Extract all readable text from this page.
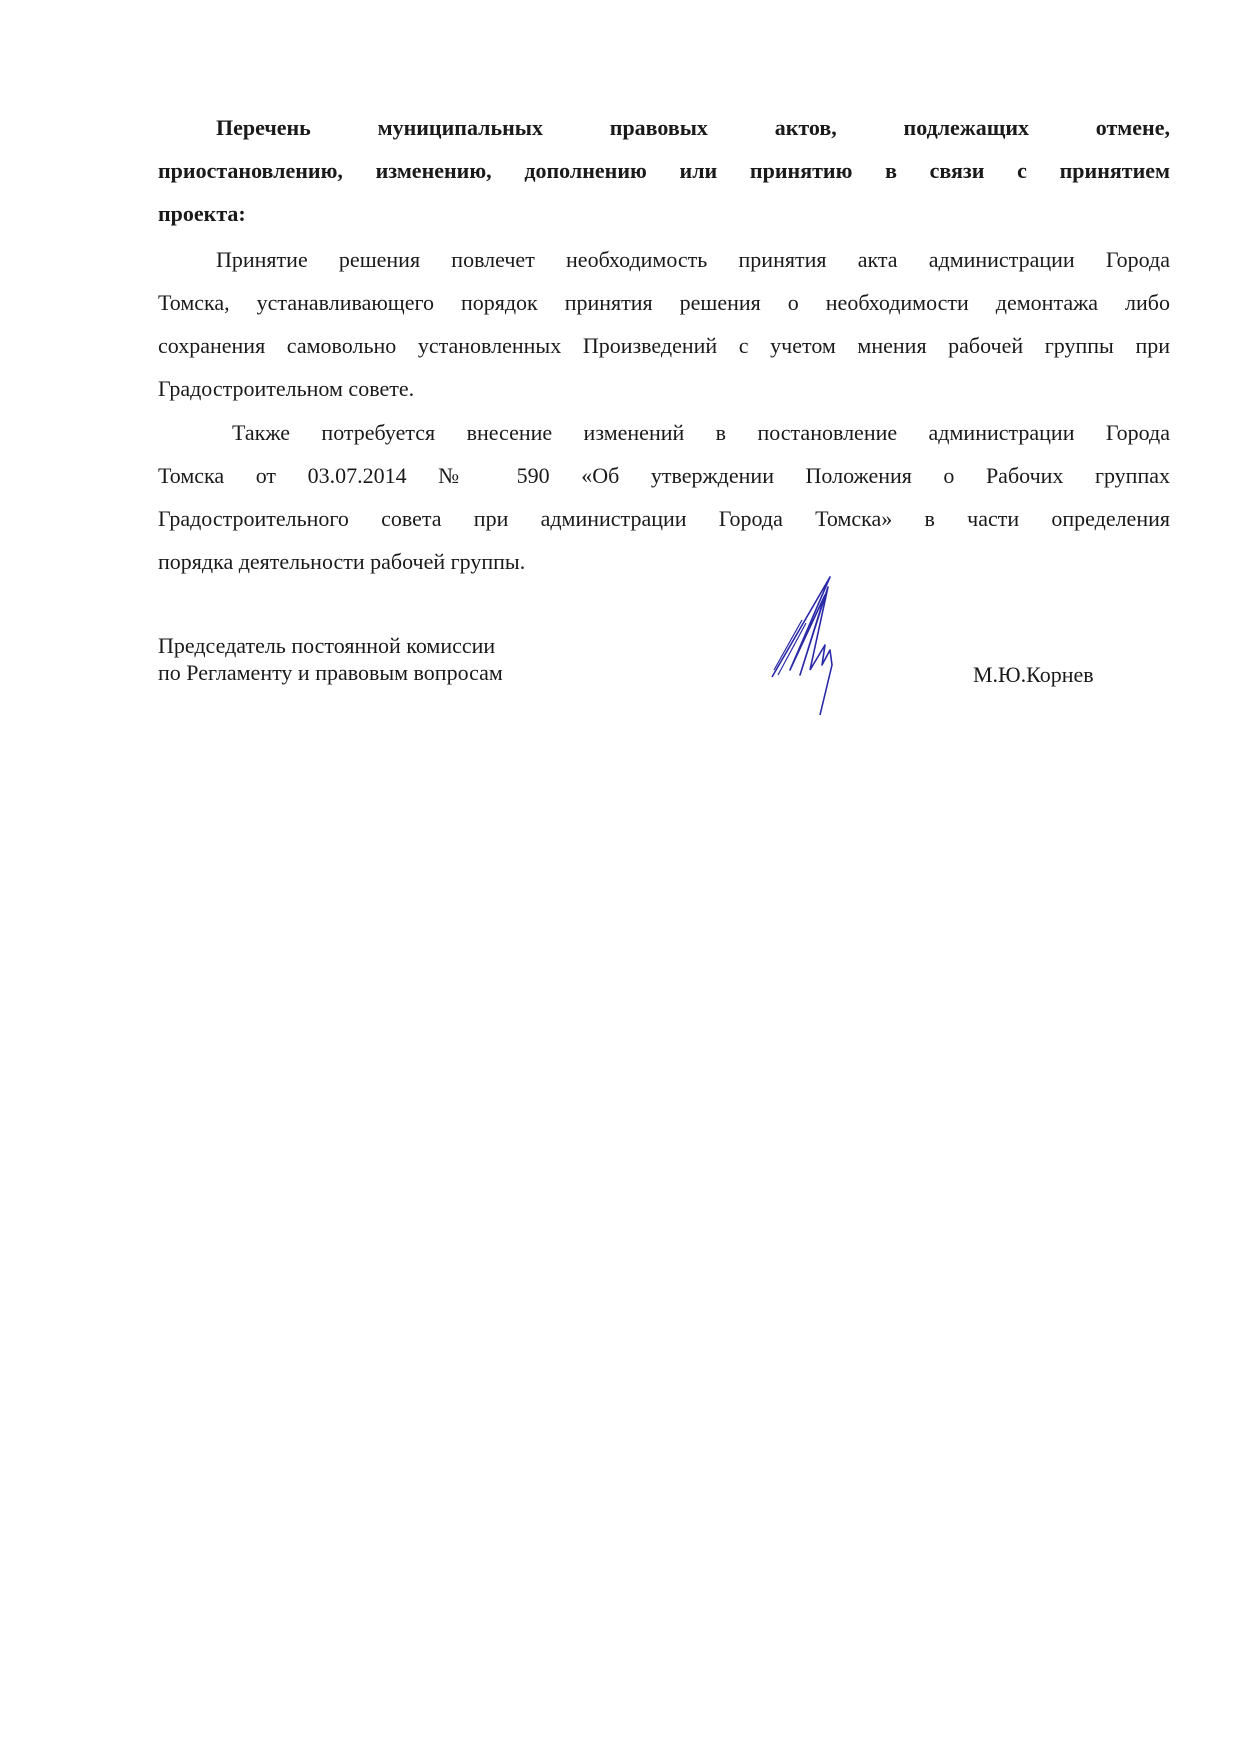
Перечень муниципальных правовых актов, подлежащих отмене,
приостановлению, изменению, дополнению или принятию в связи с принятием
проекта:
Принятие решения повлечет необходимость принятия акта администрации Города
Томска, устанавливающего порядок принятия решения о необходимости демонтажа либо
сохранения самовольно установленных Произведений с учетом мнения рабочей группы при
Градостроительном совете.
Также потребуется внесение изменений в постановление администрации Города
Томска от 03.07.2014 № 590 «Об утверждении Положения о Рабочих группах
Градостроительного совета при администрации Города Томска» в части определения
порядка деятельности рабочей группы.
Председатель постоянной комиссии
по Регламенту и правовым вопросам	М.Ю.Корнев
